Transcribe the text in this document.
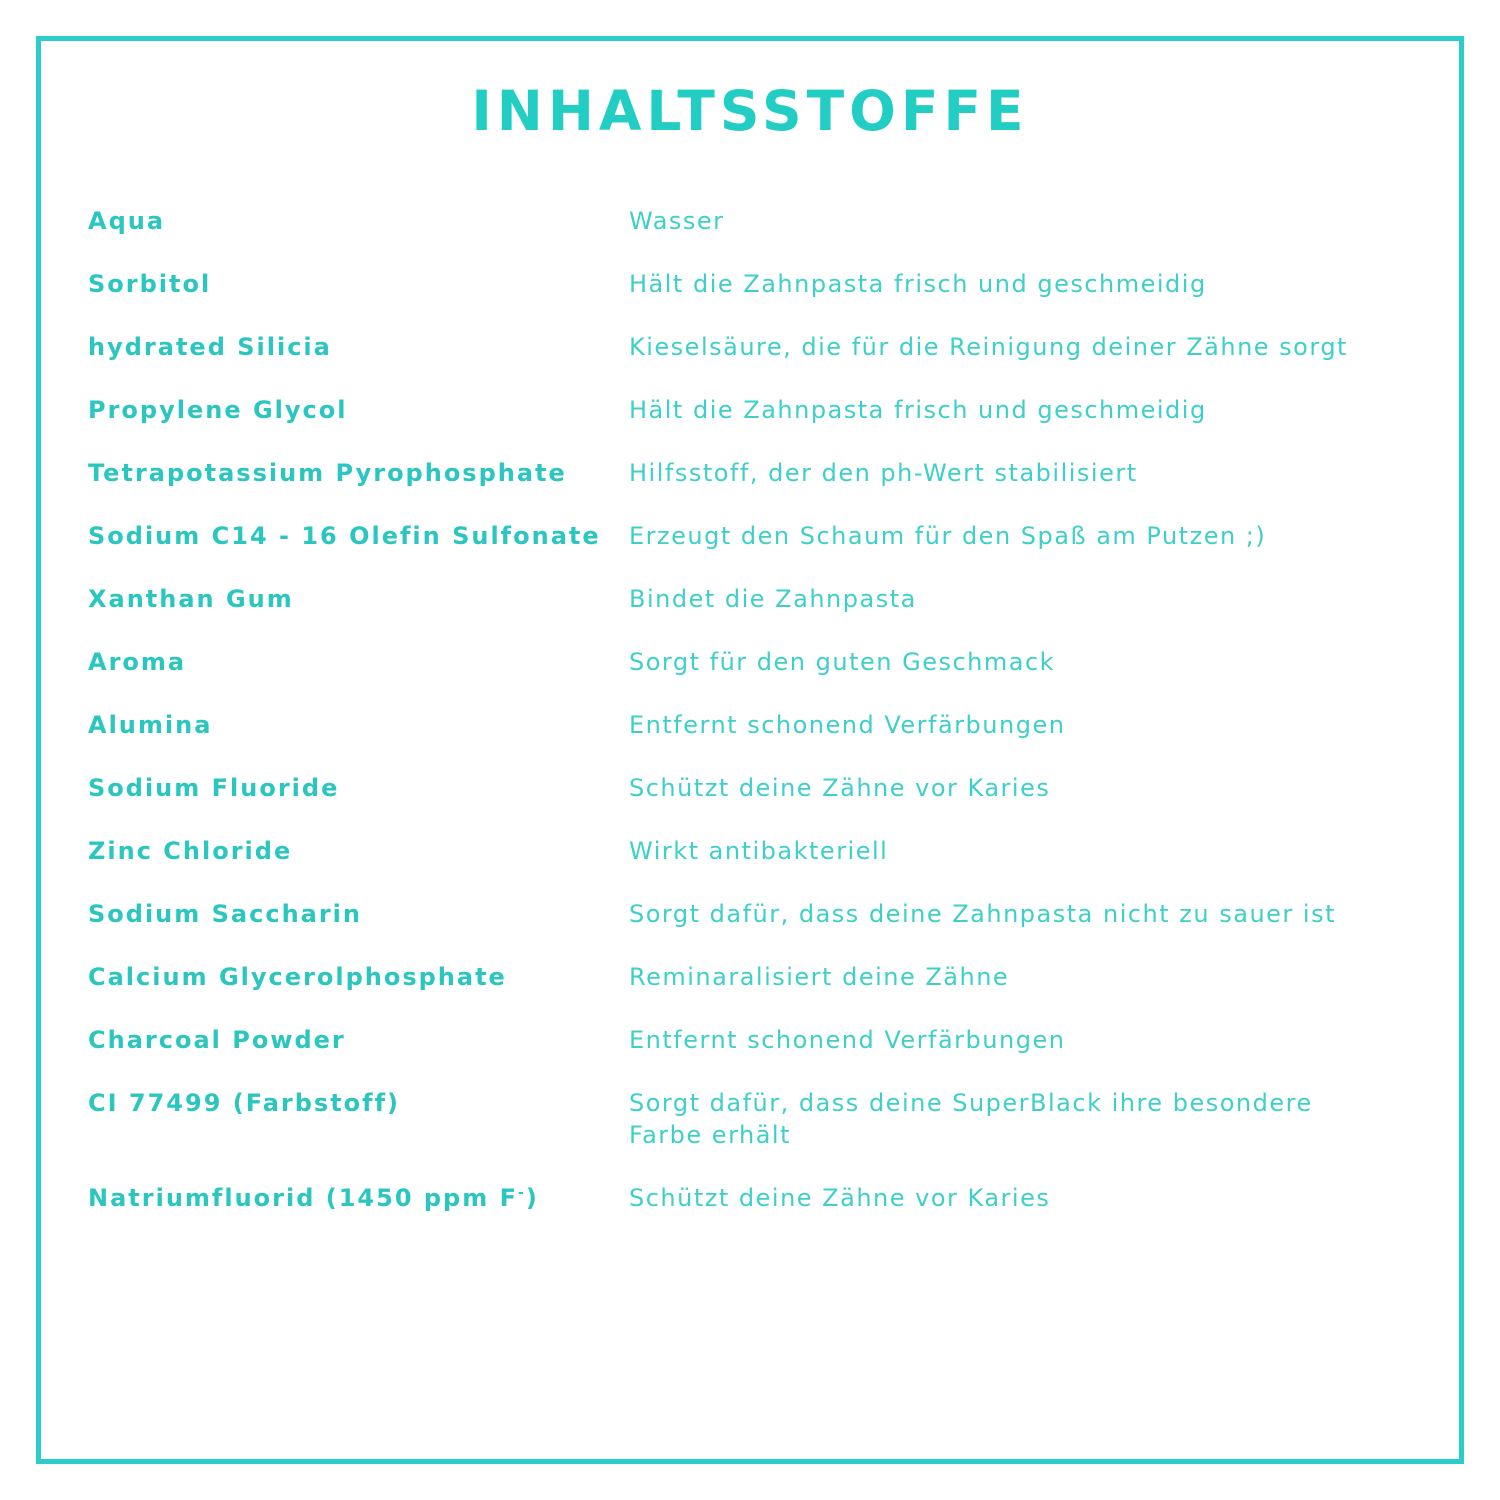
INHALTSSTOFFE
Aqua	Wasser
Sorbitol	Hält die Zahnpasta frisch und geschmeidig
hydrated Silicia	Kieselsäure, die für die Reinigung deiner Zähne sorgt
Propylene Glycol	Hält die Zahnpasta frisch und geschmeidig
Tetrapotassium Pyrophosphate	Hilfsstoff, der den ph-Wert stabilisiert
Sodium C14 - 16 Olefin Sulfonate	Erzeugt den Schaum für den Spaß am Putzen ;)
Xanthan Gum	Bindet die Zahnpasta
Aroma	Sorgt für den guten Geschmack
Alumina	Entfernt schonend Verfärbungen
Sodium Fluoride	Schützt deine Zähne vor Karies
Zinc Chloride	Wirkt antibakteriell
Sodium Saccharin	Sorgt dafür, dass deine Zahnpasta nicht zu sauer ist
Calcium Glycerolphosphate	Reminaralisiert deine Zähne
Charcoal Powder	Entfernt schonend Verfärbungen
CI 77499 (Farbstoff)	Sorgt dafür, dass deine SuperBlack ihre besondere Farbe erhält
Natriumfluorid (1450 ppm F-)	Schützt deine Zähne vor Karies
